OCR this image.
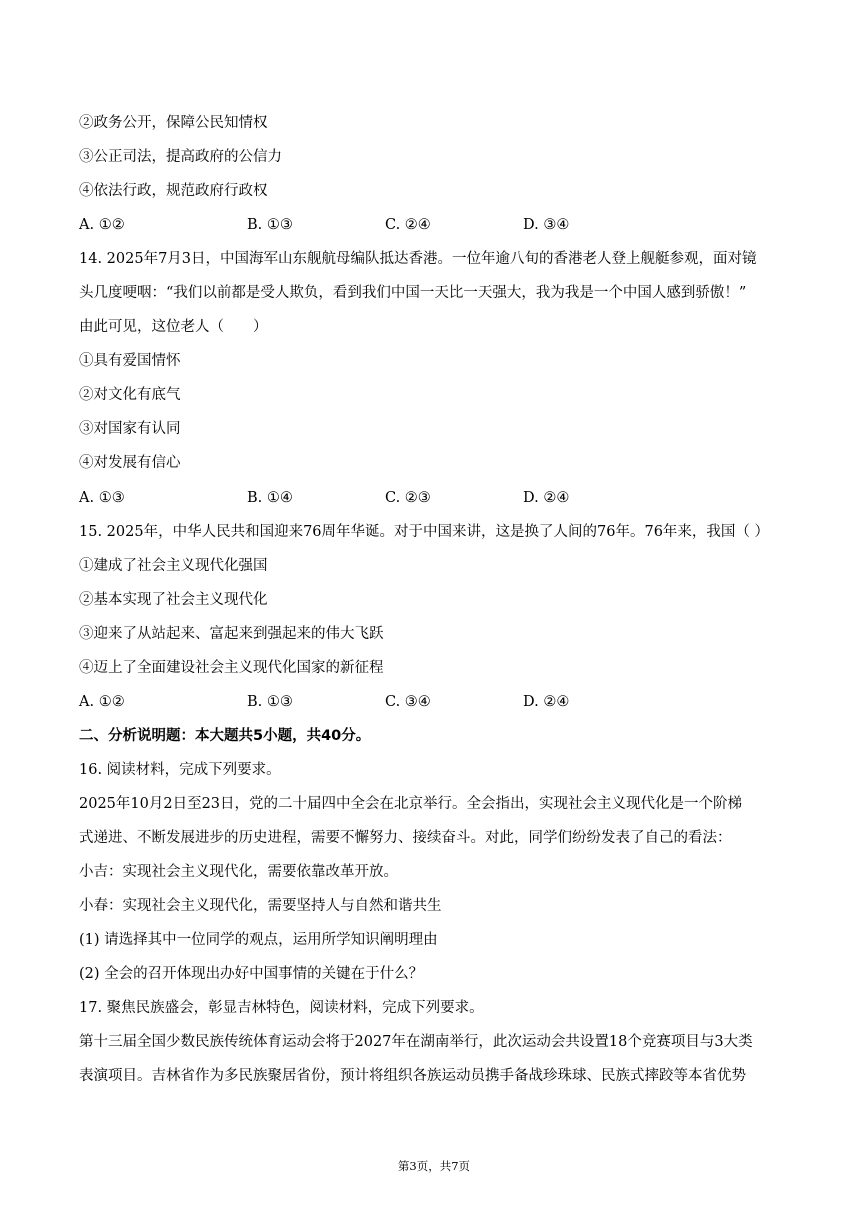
②政务公开，保障公民知情权
③公正司法，提高政府的公信力
④依法行政，规范政府行政权
A. ①②	B. ①③	C. ②④	D. ③④
14. 2025年7月3日，中国海军山东舰航母编队抵达香港。一位年逾八旬的香港老人登上舰艇参观，面对镜
头几度哽咽：“我们以前都是受人欺负，看到我们中国一天比一天强大，我为我是一个中国人感到骄傲！”
由此可见，这位老人（　　）
①具有爱国情怀
②对文化有底气
③对国家有认同
④对发展有信心
A. ①③	B. ①④	C. ②③	D. ②④
15. 2025年，中华人民共和国迎来76周年华诞。对于中国来讲，这是换了人间的76年。76年来，我国（ ）
①建成了社会主义现代化强国
②基本实现了社会主义现代化
③迎来了从站起来、富起来到强起来的伟大飞跃
④迈上了全面建设社会主义现代化国家的新征程
A. ①②	B. ①③	C. ③④	D. ②④
二、分析说明题：本大题共5小题，共40分。
16. 阅读材料，完成下列要求。
2025年10月2日至23日，党的二十届四中全会在北京举行。全会指出，实现社会主义现代化是一个阶梯
式递进、不断发展进步的历史进程，需要不懈努力、接续奋斗。对此，同学们纷纷发表了自己的看法：
小吉：实现社会主义现代化，需要依靠改革开放。
小春：实现社会主义现代化，需要坚持人与自然和谐共生
(1) 请选择其中一位同学的观点，运用所学知识阐明理由
(2) 全会的召开体现出办好中国事情的关键在于什么？
17. 聚焦民族盛会，彰显吉林特色，阅读材料，完成下列要求。
第十三届全国少数民族传统体育运动会将于2027年在湖南举行，此次运动会共设置18个竞赛项目与3大类
表演项目。吉林省作为多民族聚居省份，预计将组织各族运动员携手备战珍珠球、民族式摔跤等本省优势
第3页，共7页
